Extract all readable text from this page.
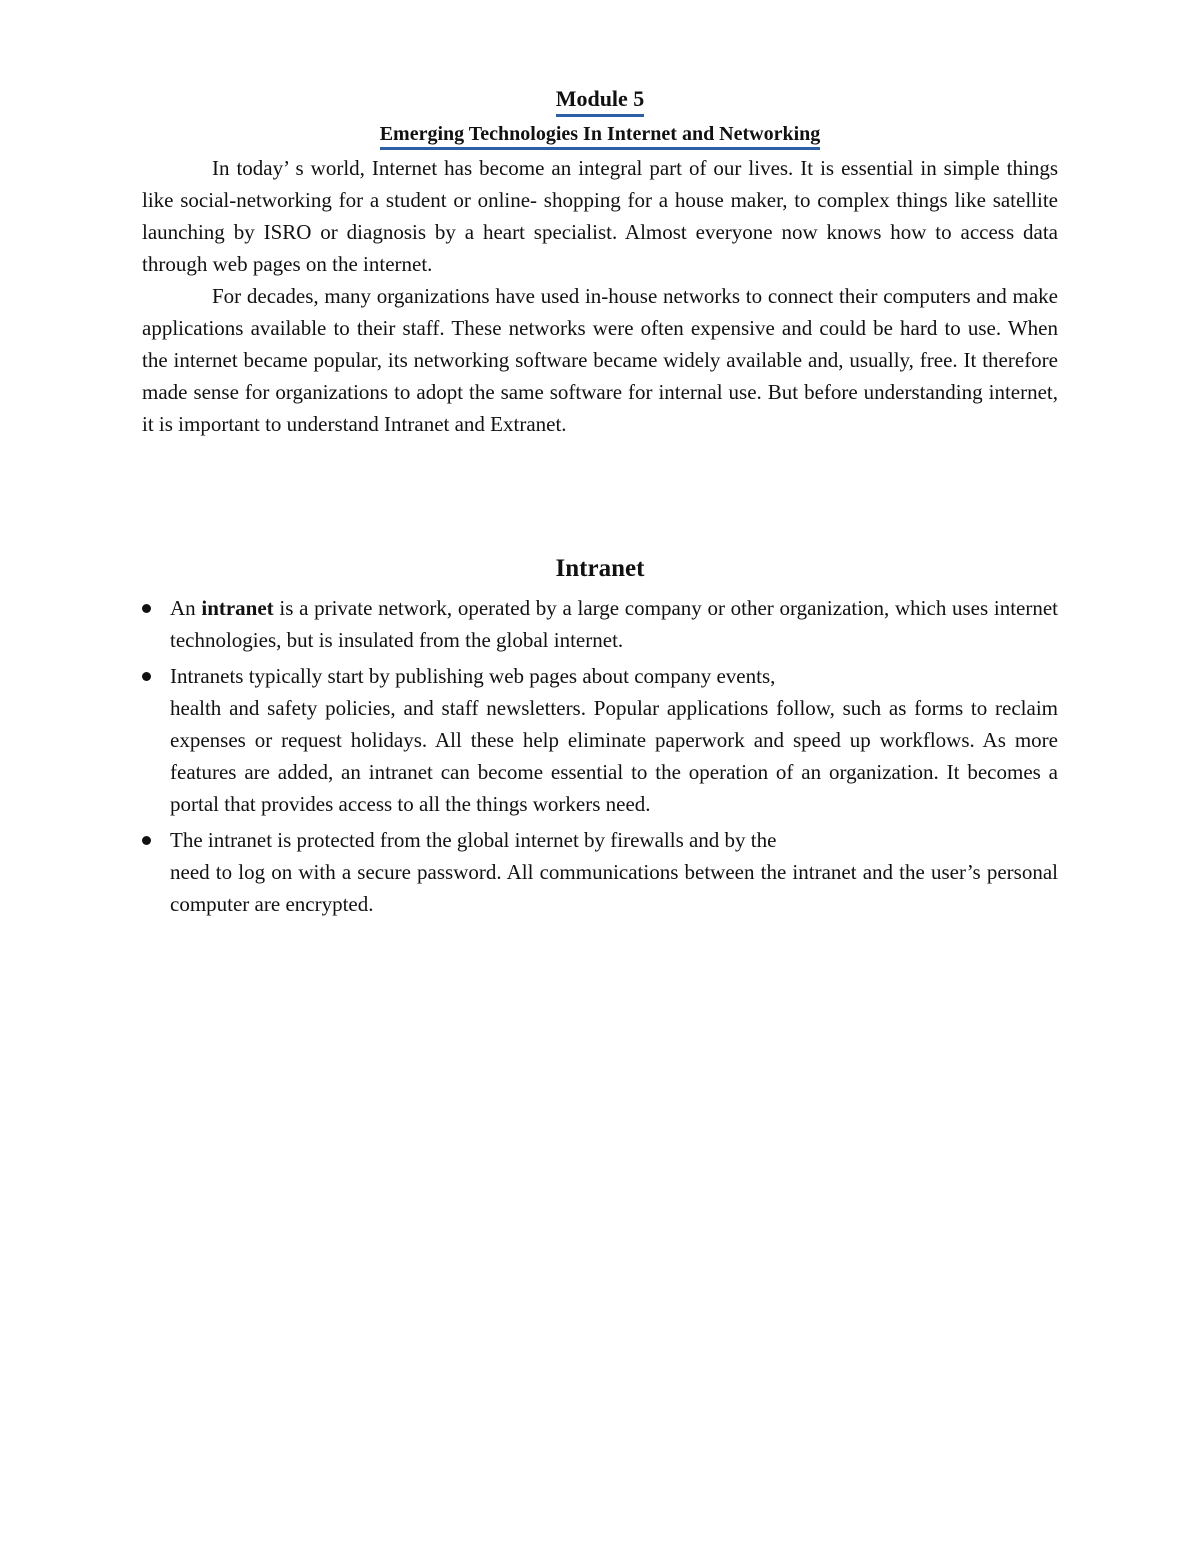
Module 5
Emerging Technologies In Internet and Networking

In today’ s world, Internet has become an integral part of our lives. It is essential in simple things like social-networking for a student or online- shopping for a house maker, to complex things like satellite launching by ISRO or diagnosis by a heart specialist. Almost everyone now knows how to access data through web pages on the internet.

For decades, many organizations have used in-house networks to connect their computers and make applications available to their staff. These networks were often expensive and could be hard to use. When the internet became popular, its networking software became widely available and, usually, free. It therefore made sense for organizations to adopt the same software for internal use. But before understanding internet, it is important to understand Intranet and Extranet.

Intranet
An intranet is a private network, operated by a large company or other organization, which uses internet technologies, but is insulated from the global internet.
Intranets typically start by publishing web pages about company events,
health and safety policies, and staff newsletters. Popular applications follow, such as forms to reclaim expenses or request holidays. All these help eliminate paperwork and speed up workflows. As more features are added, an intranet can become essential to the operation of an organization. It becomes a portal that provides access to all the things workers need.
The intranet is protected from the global internet by firewalls and by the
need to log on with a secure password. All communications between the intranet and the user’s personal computer are encrypted.
